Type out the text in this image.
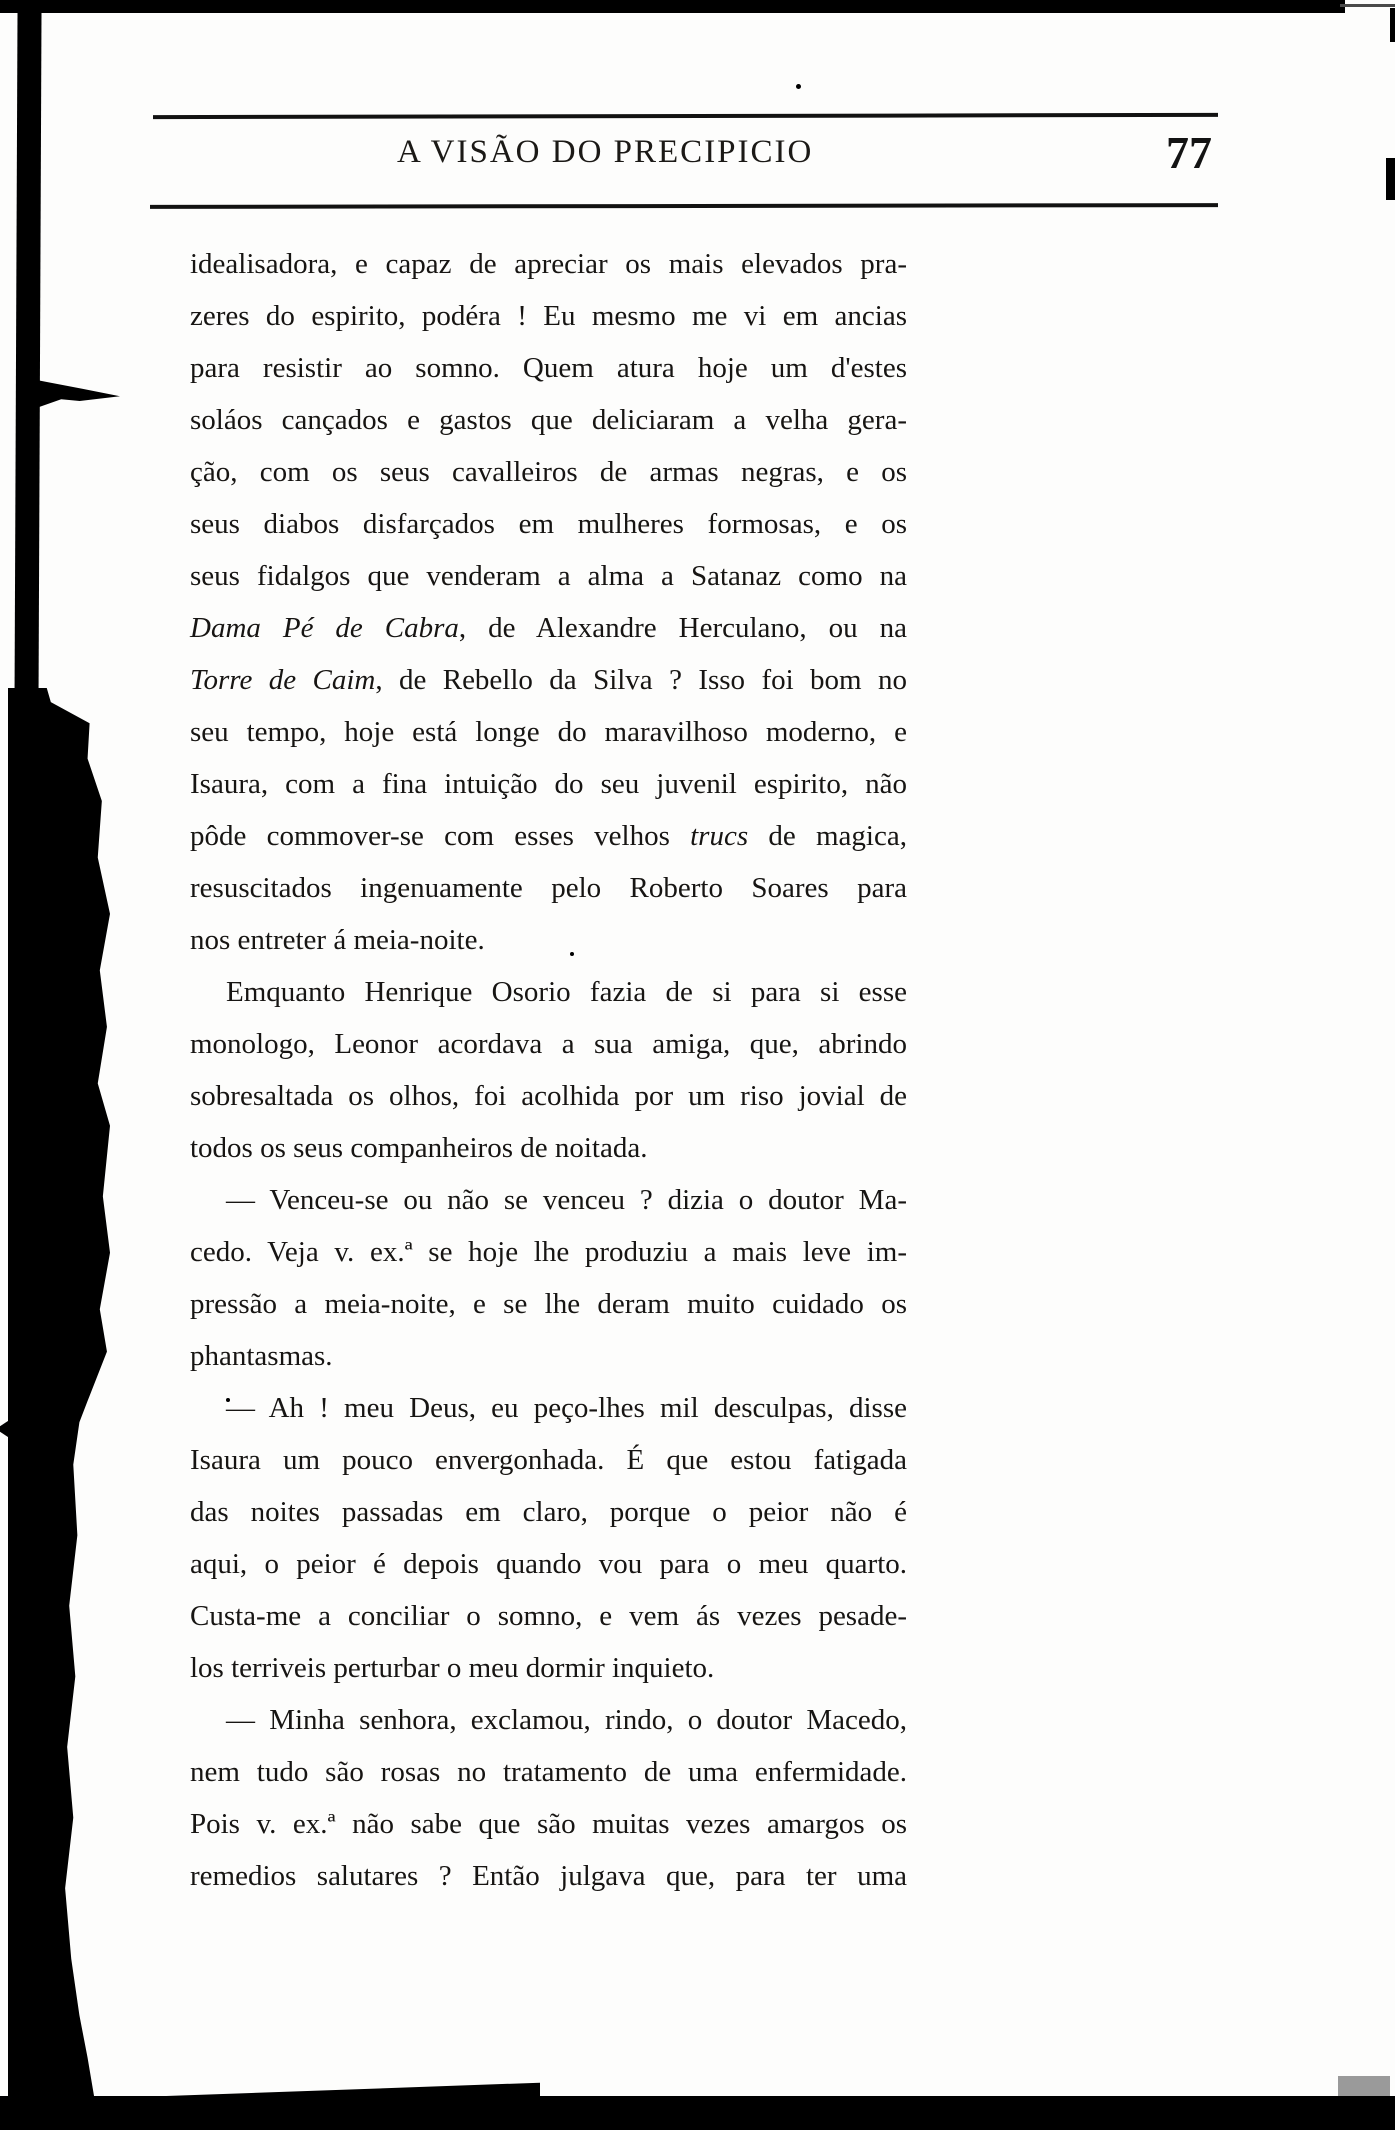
A VISÃO DO PRECIPICIO	77
idealisadora, e capaz de apreciar os mais elevados pra-
zeres do espirito, podéra ! Eu mesmo me vi em ancias
para resistir ao somno. Quem atura hoje um d'estes
soláos cançados e gastos que deliciaram a velha gera-
ção, com os seus cavalleiros de armas negras, e os
seus diabos disfarçados em mulheres formosas, e os
seus fidalgos que venderam a alma a Satanaz como na
Dama Pé de Cabra, de Alexandre Herculano, ou na
Torre de Caim, de Rebello da Silva ? Isso foi bom no
seu tempo, hoje está longe do maravilhoso moderno, e
Isaura, com a fina intuição do seu juvenil espirito, não
pôde commover-se com esses velhos trucs de magica,
resuscitados ingenuamente pelo Roberto Soares para
nos entreter á meia-noite.
Emquanto Henrique Osorio fazia de si para si esse
monologo, Leonor acordava a sua amiga, que, abrindo
sobresaltada os olhos, foi acolhida por um riso jovial de
todos os seus companheiros de noitada.
— Venceu-se ou não se venceu ? dizia o doutor Ma-
cedo. Veja v. ex.ª se hoje lhe produziu a mais leve im-
pressão a meia-noite, e se lhe deram muito cuidado os
phantasmas.
— Ah ! meu Deus, eu peço-lhes mil desculpas, disse
Isaura um pouco envergonhada. É que estou fatigada
das noites passadas em claro, porque o peior não é
aqui, o peior é depois quando vou para o meu quarto.
Custa-me a conciliar o somno, e vem ás vezes pesade-
los terriveis perturbar o meu dormir inquieto.
— Minha senhora, exclamou, rindo, o doutor Macedo,
nem tudo são rosas no tratamento de uma enfermidade.
Pois v. ex.ª não sabe que são muitas vezes amargos os
remedios salutares ? Então julgava que, para ter uma
